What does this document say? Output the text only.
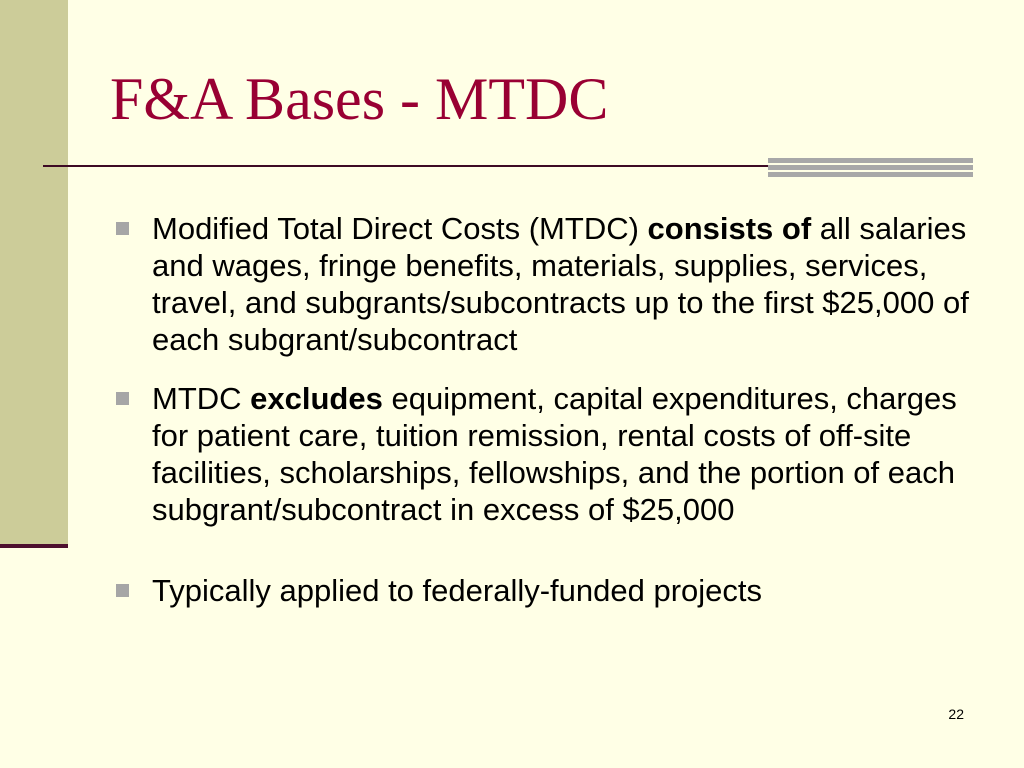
F&A Bases - MTDC

Modified Total Direct Costs (MTDC) consists of all salaries and wages, fringe benefits, materials, supplies, services, travel, and subgrants/subcontracts up to the first $25,000 of each subgrant/subcontract

MTDC excludes equipment, capital expenditures, charges for patient care, tuition remission, rental costs of off-site facilities, scholarships, fellowships, and the portion of each subgrant/subcontract in excess of $25,000

Typically applied to federally-funded projects

22
